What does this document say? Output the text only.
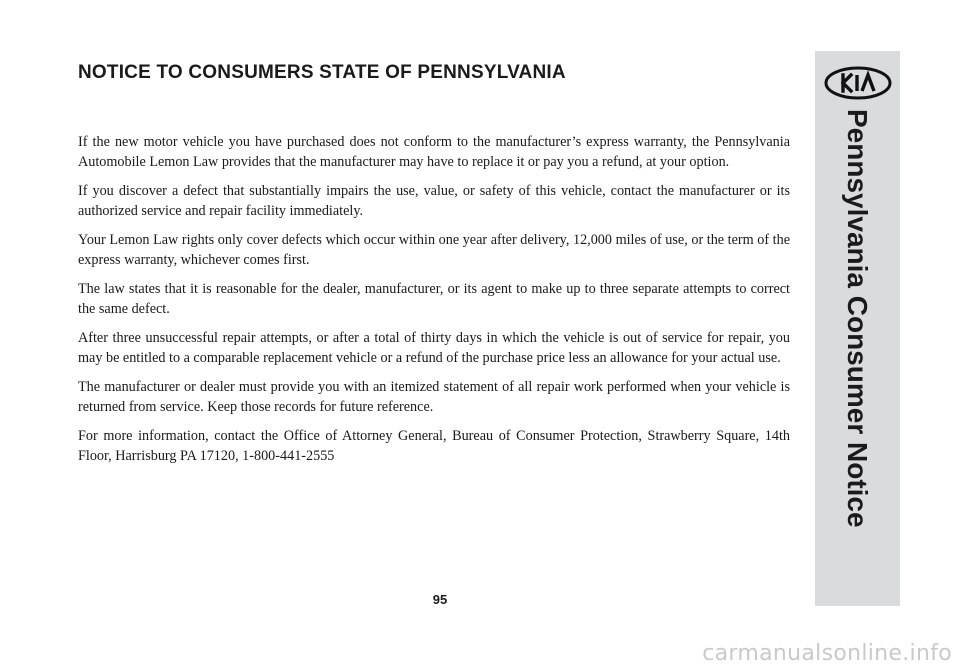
NOTICE TO CONSUMERS STATE OF PENNSYLVANIA

If the new motor vehicle you have purchased does not conform to the manufacturer’s express warranty, the Pennsylvania Automobile Lemon Law provides that the manufacturer may have to replace it or pay you a refund, at your option.

If you discover a defect that substantially impairs the use, value, or safety of this vehicle, contact the manufacturer or its authorized service and repair facility immediately.

Your Lemon Law rights only cover defects which occur within one year after delivery, 12,000 miles of use, or the term of the express warranty, whichever comes first.

The law states that it is reasonable for the dealer, manufacturer, or its agent to make up to three separate attempts to correct the same defect.

After three unsuccessful repair attempts, or after a total of thirty days in which the vehicle is out of service for repair, you may be entitled to a comparable replacement vehicle or a refund of the purchase price less an allowance for your actual use.

The manufacturer or dealer must provide you with an itemized statement of all repair work performed when your vehicle is returned from service. Keep those records for future reference.

For more information, contact the Office of Attorney General, Bureau of Consumer Protection, Strawberry Square, 14th Floor, Harrisburg PA 17120, 1-800-441-2555

95
Pennsylvania Consumer Notice
carmanualsonline.info
